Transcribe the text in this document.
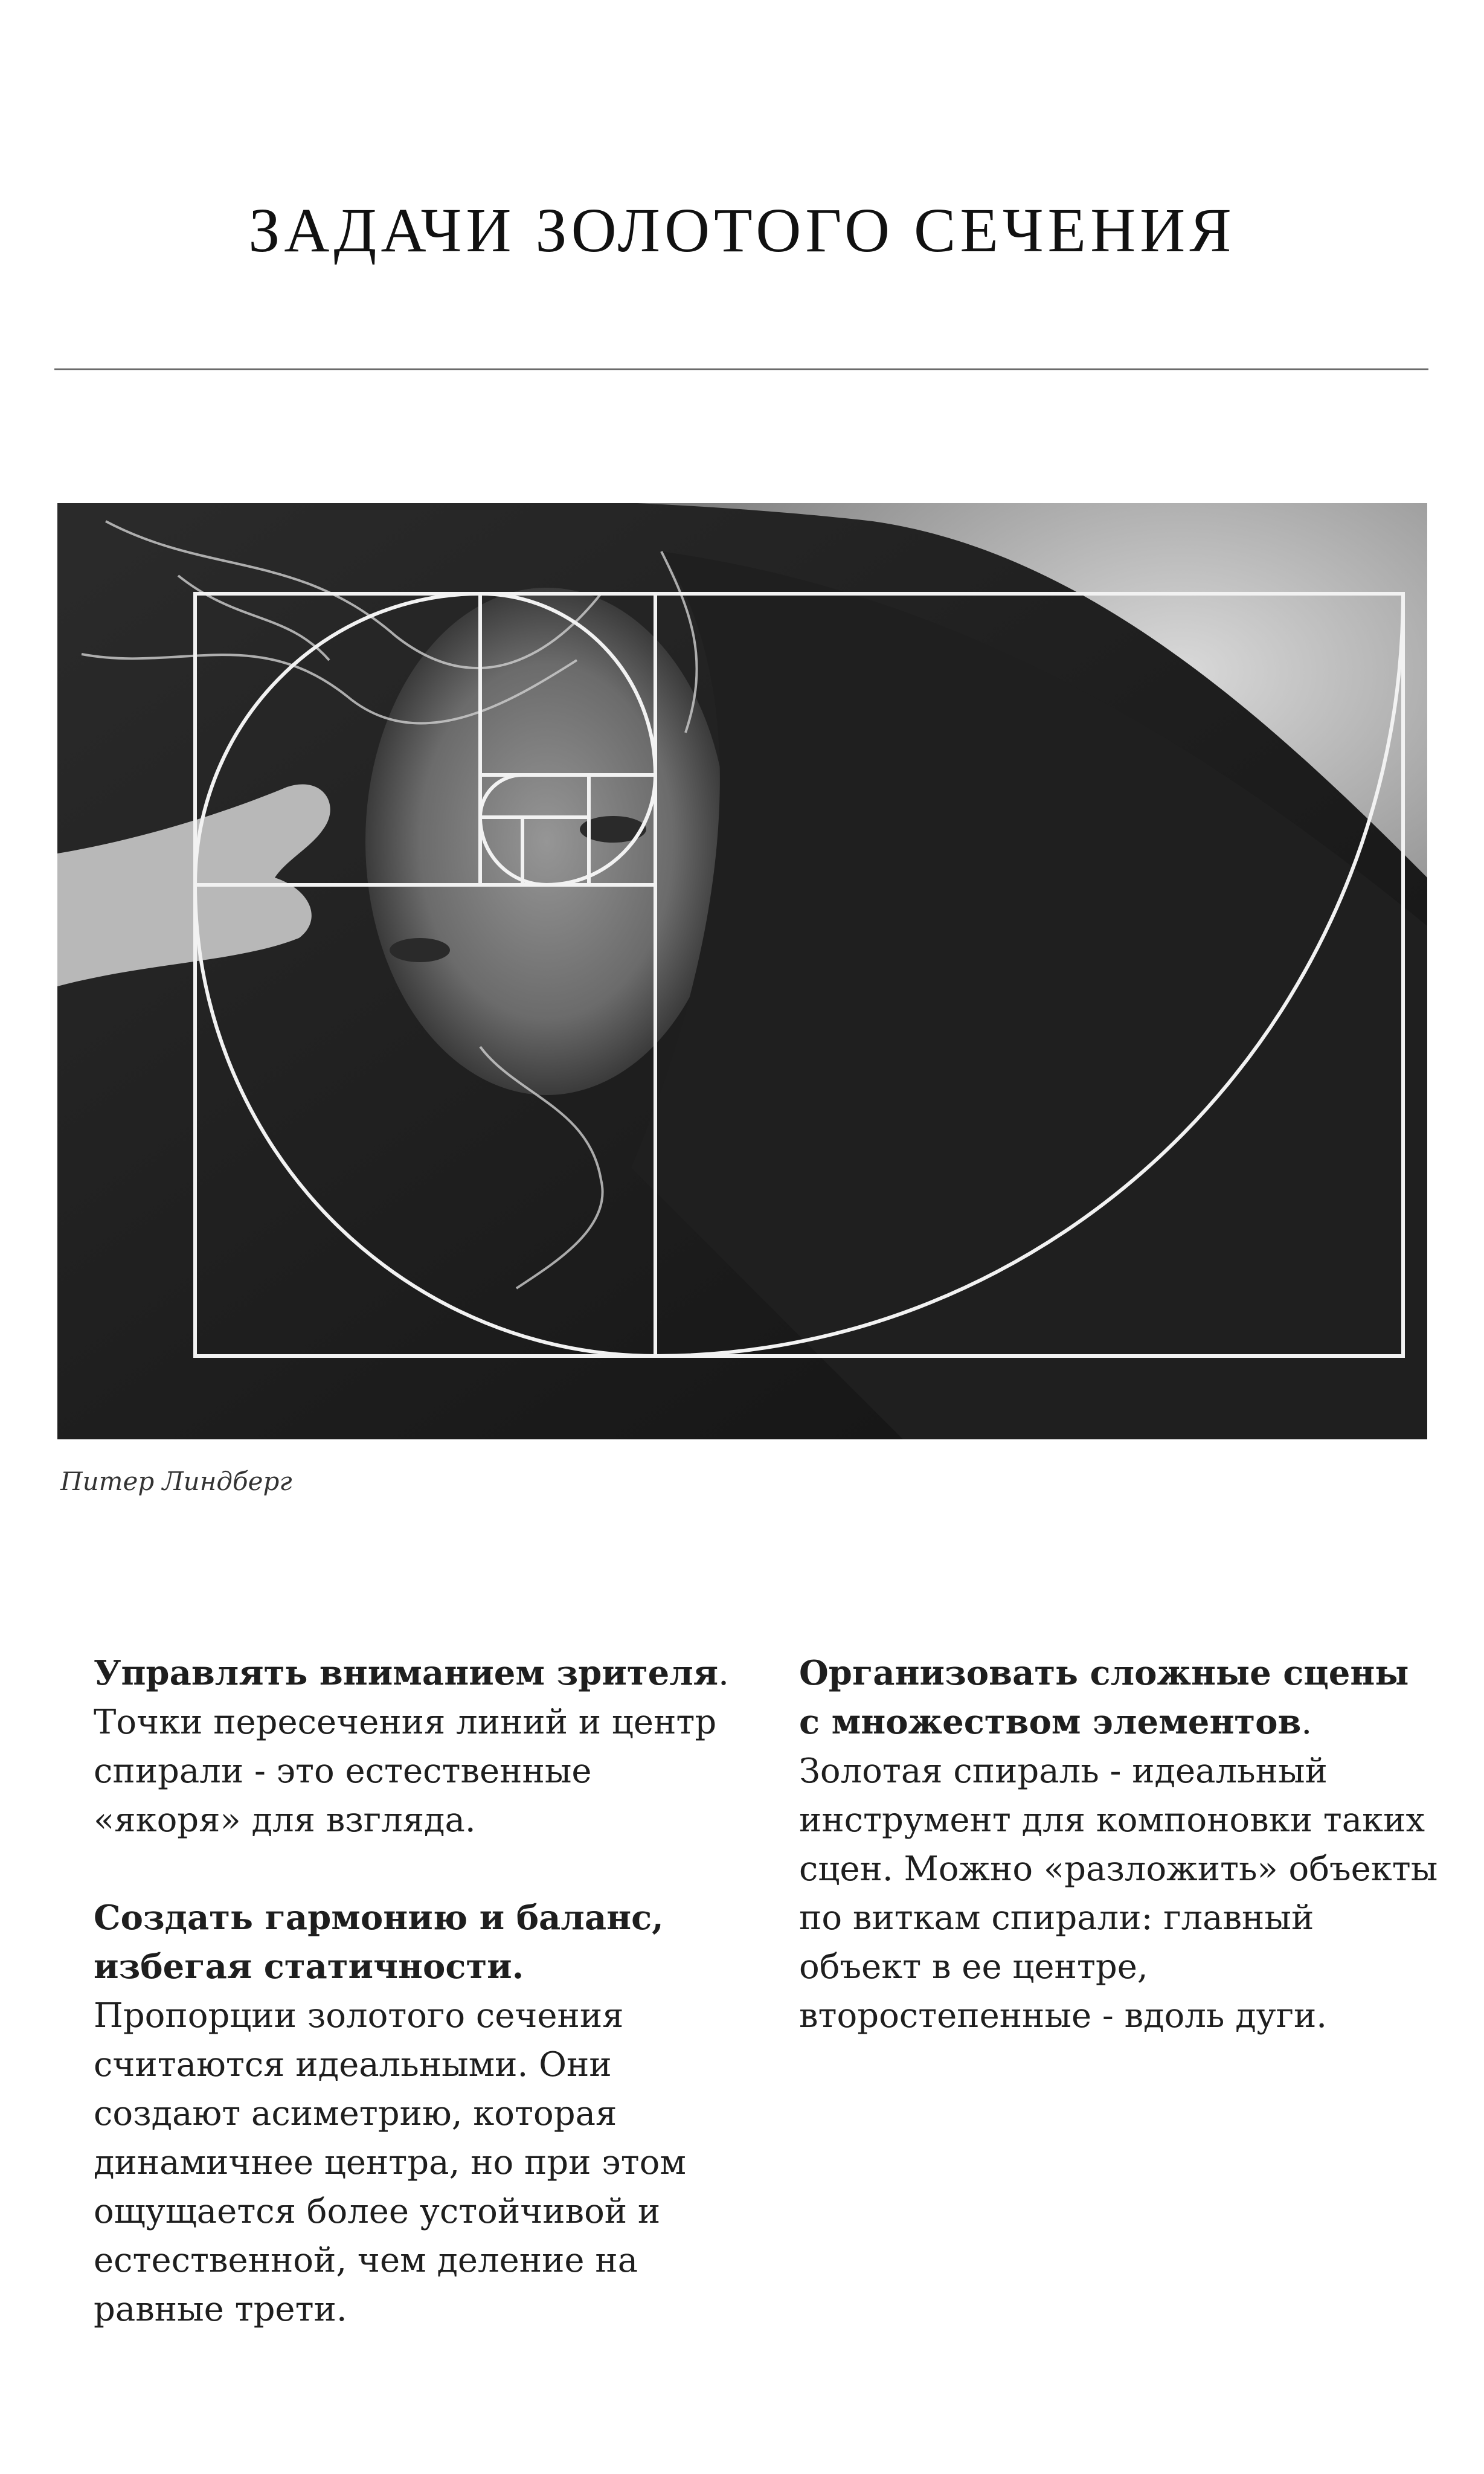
ЗАДАЧИ ЗОЛОТОГО СЕЧЕНИЯ
Питер Линдберг

Управлять вниманием зрителя. Точки пересечения линий и центр спирали - это естественные «якоря» для взгляда.

Создать гармонию и баланс, избегая статичности. Пропорции золотого сечения считаются идеальными. Они создают асиметрию, которая динамичнее центра, но при этом ощущается более устойчивой и естественной, чем деление на равные трети.

Организовать сложные сцены с множеством элементов. Золотая спираль - идеальный инструмент для компоновки таких сцен. Можно «разложить» объекты по виткам спирали: главный объект в ее центре, второстепенные - вдоль дуги.
